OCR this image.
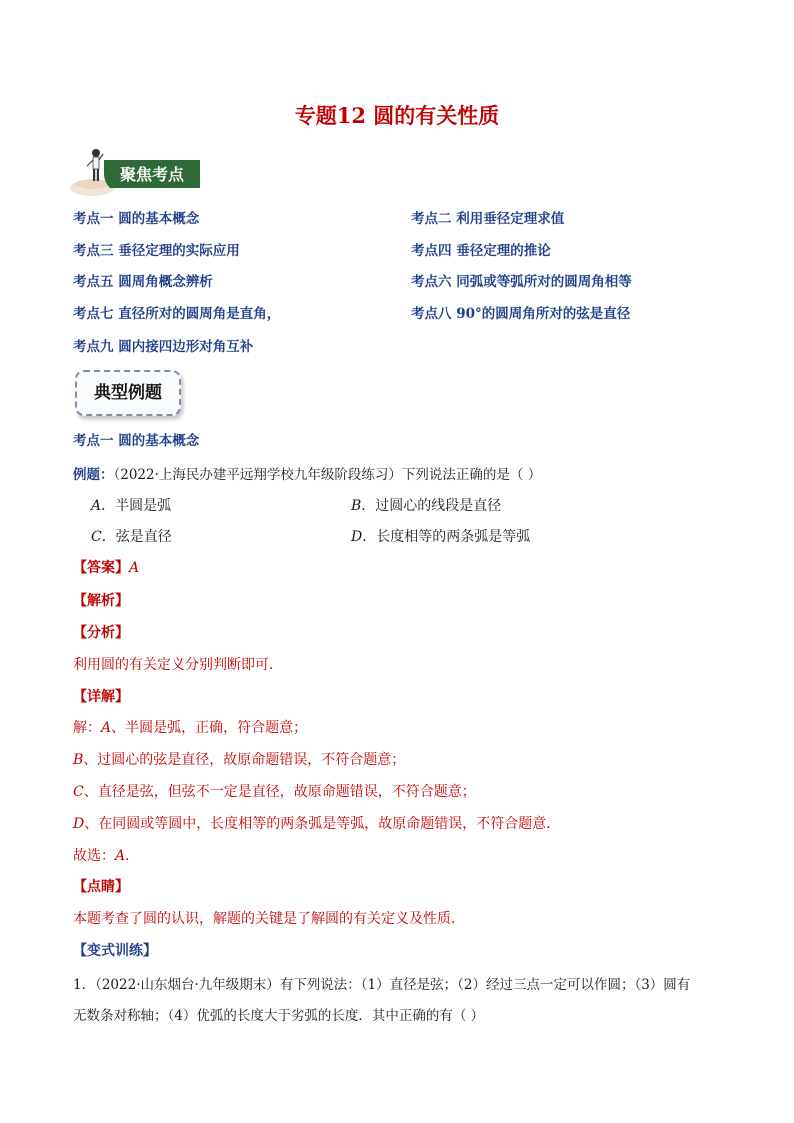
专题12 圆的有关性质
聚焦考点
考点一 圆的基本概念	考点二 利用垂径定理求值
考点三 垂径定理的实际应用	考点四 垂径定理的推论
考点五 圆周角概念辨析	考点六 同弧或等弧所对的圆周角相等
考点七 直径所对的圆周角是直角，	考点八 90°的圆周角所对的弦是直径
考点九 圆内接四边形对角互补
典型例题
考点一 圆的基本概念
例题：（2022·上海民办建平远翔学校九年级阶段练习）下列说法正确的是（ ）
A．半圆是弧	B．过圆心的线段是直径
C．弦是直径	D．长度相等的两条弧是等弧
【答案】A
【解析】
【分析】
利用圆的有关定义分别判断即可．
【详解】
解：A、半圆是弧，正确，符合题意；
B、过圆心的弦是直径，故原命题错误，不符合题意；
C、直径是弦，但弦不一定是直径，故原命题错误，不符合题意；
D、在同圆或等圆中，长度相等的两条弧是等弧，故原命题错误，不符合题意．
故选：A．
【点睛】
本题考查了圆的认识，解题的关键是了解圆的有关定义及性质．
【变式训练】
1．（2022·山东烟台·九年级期末）有下列说法：（1）直径是弦；（2）经过三点一定可以作圆；（3）圆有
无数条对称轴；（4）优弧的长度大于劣弧的长度．其中正确的有（ ）
